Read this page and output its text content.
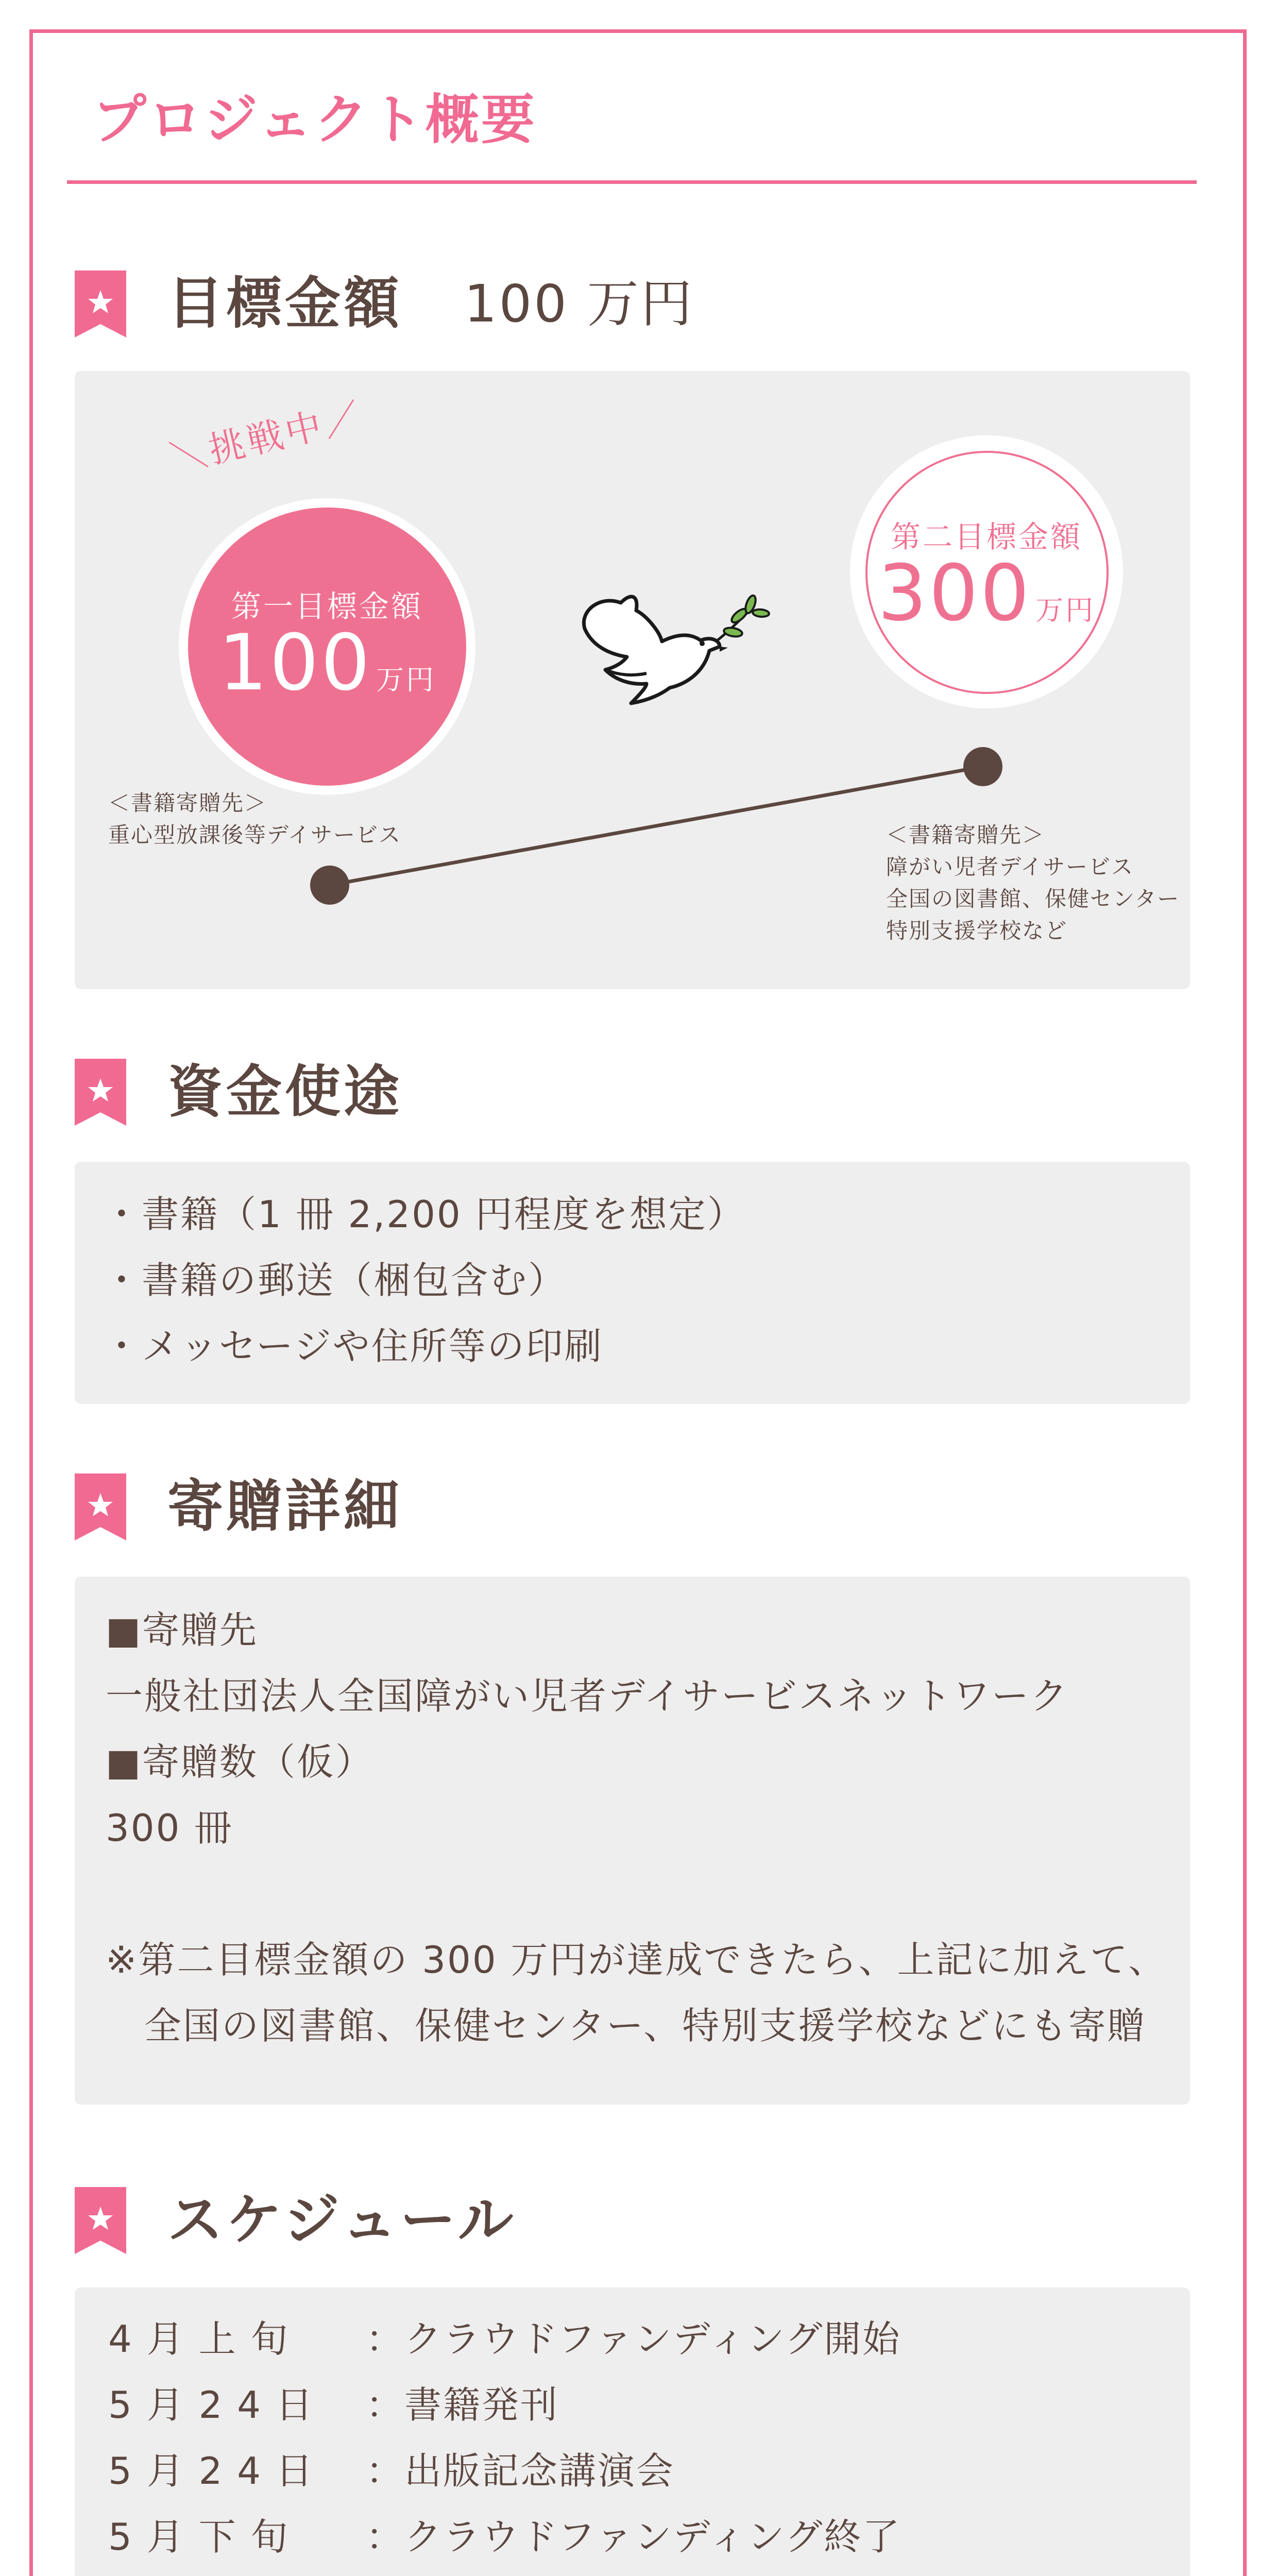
プロジェクト概要
目標金額 100 万円
＼挑戦中／
第一目標金額
100 万円
第二目標金額
300 万円
＜書籍寄贈先＞
重心型放課後等デイサービス	＜書籍寄贈先＞
障がい児者デイサービス
全国の図書館、保健センター
特別支援学校など
資金使途
・書籍（1 冊 2,200 円程度を想定）
・書籍の郵送（梱包含む）
・メッセージや住所等の印刷
寄贈詳細
■寄贈先
一般社団法人全国障がい児者デイサービスネットワーク
■寄贈数（仮）
300 冊

※第二目標金額の 300 万円が達成できたら、上記に加えて、
　全国の図書館、保健センター、特別支援学校などにも寄贈
スケジュール
4 月 上 旬	：クラウドファンディング開始
5 月 2 4 日	：書籍発刊
5 月 2 4 日	：出版記念講演会
5 月 下 旬	：クラウドファンディング終了
